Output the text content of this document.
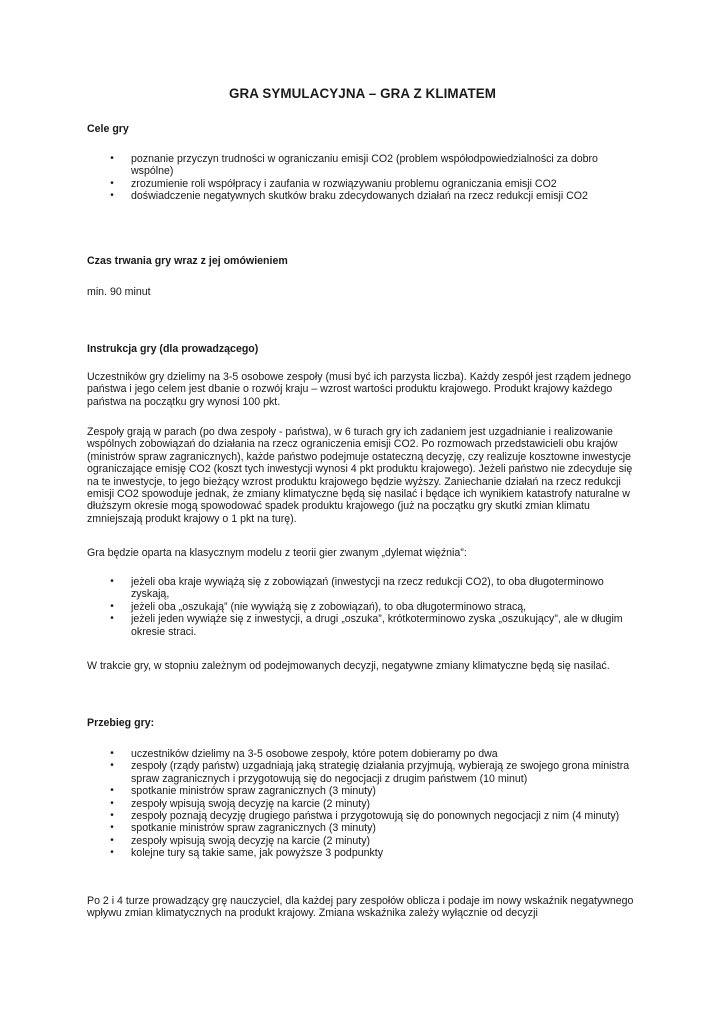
GRA SYMULACYJNA – GRA Z KLIMATEM
Cele gry
•	poznanie przyczyn trudności w ograniczaniu emisji CO2 (problem współodpowiedzialności za dobro wspólne)
•	zrozumienie roli współpracy i zaufania w rozwiązywaniu problemu ograniczania emisji CO2
•	doświadczenie negatywnych skutków braku zdecydowanych działań na rzecz redukcji emisji CO2
Czas trwania gry wraz z jej omówieniem
min. 90 minut
Instrukcja gry (dla prowadzącego)

Uczestników gry dzielimy na 3-5 osobowe zespoły (musi być ich parzysta liczba). Każdy zespół jest rządem jednego państwa i jego celem jest dbanie o rozwój kraju – wzrost wartości produktu krajowego. Produkt krajowy każdego państwa na początku gry wynosi 100 pkt.

Zespoły grają w parach (po dwa zespoły - państwa), w 6 turach gry ich zadaniem jest uzgadnianie i realizowanie wspólnych zobowiązań do działania na rzecz ograniczenia emisji CO2. Po rozmowach przedstawicieli obu krajów (ministrów spraw zagranicznych), każde państwo podejmuje ostateczną decyzję, czy realizuje kosztowne inwestycje ograniczające emisję CO2 (koszt tych inwestycji wynosi 4 pkt produktu krajowego). Jeżeli państwo nie zdecyduje się na te inwestycje, to jego bieżący wzrost produktu krajowego będzie wyższy. Zaniechanie działań na rzecz redukcji emisji CO2 spowoduje jednak, że zmiany klimatyczne będą się nasilać i będące ich wynikiem katastrofy naturalne w dłuższym okresie mogą spowodować spadek produktu krajowego (już na początku gry skutki zmian klimatu zmniejszają produkt krajowy o 1 pkt na turę).

Gra będzie oparta na klasycznym modelu z teorii gier zwanym „dylemat więźnia”:

•	jeżeli oba kraje wywiążą się z zobowiązań (inwestycji na rzecz redukcji CO2), to oba długoterminowo zyskają,
•	jeżeli oba „oszukają” (nie wywiążą się z zobowiązań), to oba długoterminowo stracą,
•	jeżeli jeden wywiąże się z inwestycji, a drugi „oszuka”, krótkoterminowo zyska „oszukujący”, ale w długim okresie straci.

W trakcie gry, w stopniu zależnym od podejmowanych decyzji, negatywne zmiany klimatyczne będą się nasilać.

Przebieg gry:
•	uczestników dzielimy na 3-5 osobowe zespoły, które potem dobieramy po dwa
•	zespoły (rządy państw) uzgadniają jaką strategię działania przyjmują, wybierają ze swojego grona ministra spraw zagranicznych i przygotowują się do negocjacji z drugim państwem (10 minut)
•	spotkanie ministrów spraw zagranicznych (3 minuty)
•	zespoły wpisują swoją decyzję na karcie (2 minuty)
•	zespoły poznają decyzję drugiego państwa i przygotowują się do ponownych negocjacji z nim (4 minuty)
•	spotkanie ministrów spraw zagranicznych (3 minuty)
•	zespoły wpisują swoją decyzję na karcie (2 minuty)
•	kolejne tury są takie same, jak powyższe 3 podpunkty

Po 2 i 4 turze prowadzący grę nauczyciel, dla każdej pary zespołów oblicza i podaje im nowy wskaźnik negatywnego wpływu zmian klimatycznych na produkt krajowy. Zmiana wskaźnika zależy wyłącznie od decyzji
